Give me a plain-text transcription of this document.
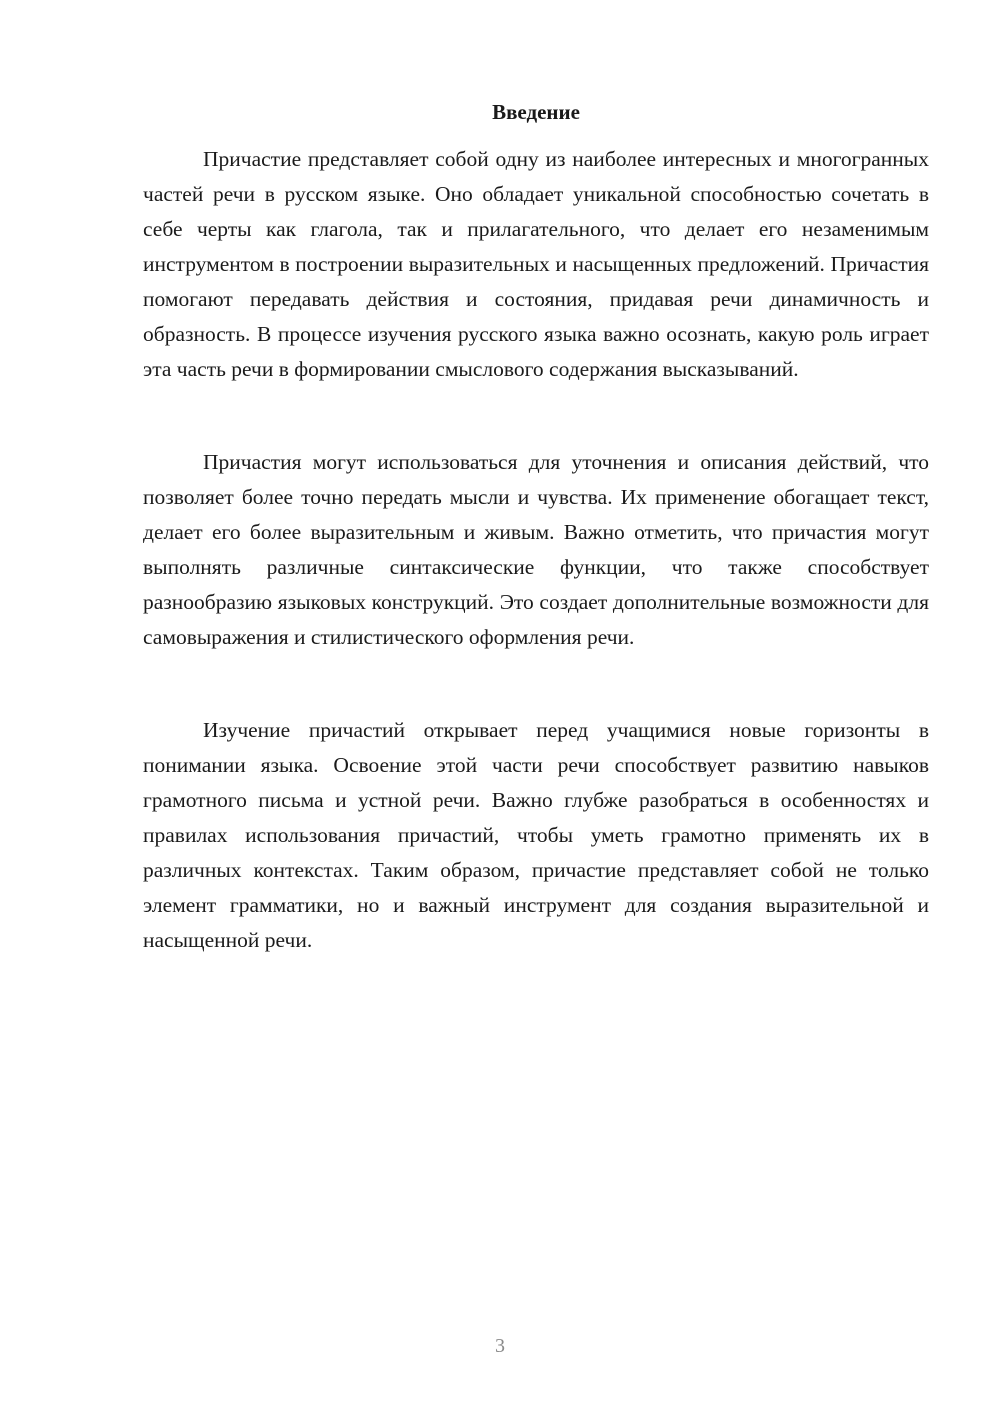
Введение

Причастие представляет собой одну из наиболее интересных и многогранных частей речи в русском языке. Оно обладает уникальной способностью сочетать в себе черты как глагола, так и прилагательного, что делает его незаменимым инструментом в построении выразительных и насыщенных предложений. Причастия помогают передавать действия и состояния, придавая речи динамичность и образность. В процессе изучения русского языка важно осознать, какую роль играет эта часть речи в формировании смыслового содержания высказываний.

Причастия могут использоваться для уточнения и описания действий, что позволяет более точно передать мысли и чувства. Их применение обогащает текст, делает его более выразительным и живым. Важно отметить, что причастия могут выполнять различные синтаксические функции, что также способствует разнообразию языковых конструкций. Это создает дополнительные возможности для самовыражения и стилистического оформления речи.

Изучение причастий открывает перед учащимися новые горизонты в понимании языка. Освоение этой части речи способствует развитию навыков грамотного письма и устной речи. Важно глубже разобраться в особенностях и правилах использования причастий, чтобы уметь грамотно применять их в различных контекстах. Таким образом, причастие представляет собой не только элемент грамматики, но и важный инструмент для создания выразительной и насыщенной речи.

3
